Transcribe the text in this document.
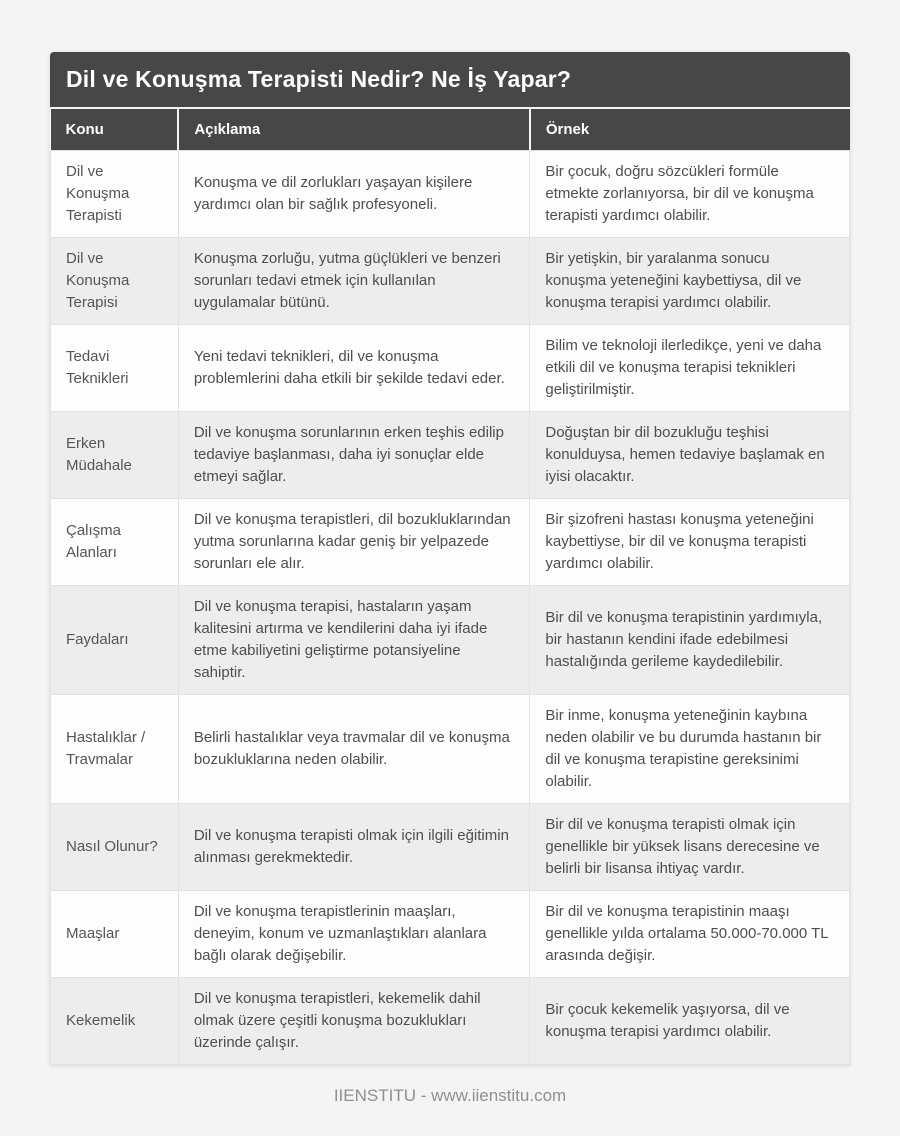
Dil ve Konuşma Terapisti Nedir? Ne İş Yapar?
Konu	Açıklama	Örnek
Dil ve Konuşma Terapisti	Konuşma ve dil zorlukları yaşayan kişilere yardımcı olan bir sağlık profesyoneli.	Bir çocuk, doğru sözcükleri formüle etmekte zorlanıyorsa, bir dil ve konuşma terapisti yardımcı olabilir.
Dil ve Konuşma Terapisi	Konuşma zorluğu, yutma güçlükleri ve benzeri sorunları tedavi etmek için kullanılan uygulamalar bütünü.	Bir yetişkin, bir yaralanma sonucu konuşma yeteneğini kaybettiysa, dil ve konuşma terapisi yardımcı olabilir.
Tedavi Teknikleri	Yeni tedavi teknikleri, dil ve konuşma problemlerini daha etkili bir şekilde tedavi eder.	Bilim ve teknoloji ilerledikçe, yeni ve daha etkili dil ve konuşma terapisi teknikleri geliştirilmiştir.
Erken Müdahale	Dil ve konuşma sorunlarının erken teşhis edilip tedaviye başlanması, daha iyi sonuçlar elde etmeyi sağlar.	Doğuştan bir dil bozukluğu teşhisi konulduysa, hemen tedaviye başlamak en iyisi olacaktır.
Çalışma Alanları	Dil ve konuşma terapistleri, dil bozukluklarından yutma sorunlarına kadar geniş bir yelpazede sorunları ele alır.	Bir şizofreni hastası konuşma yeteneğini kaybettiyse, bir dil ve konuşma terapisti yardımcı olabilir.
Faydaları	Dil ve konuşma terapisi, hastaların yaşam kalitesini artırma ve kendilerini daha iyi ifade etme kabiliyetini geliştirme potansiyeline sahiptir.	Bir dil ve konuşma terapistinin yardımıyla, bir hastanın kendini ifade edebilmesi hastalığında gerileme kaydedilebilir.
Hastalıklar / Travmalar	Belirli hastalıklar veya travmalar dil ve konuşma bozukluklarına neden olabilir.	Bir inme, konuşma yeteneğinin kaybına neden olabilir ve bu durumda hastanın bir dil ve konuşma terapistine gereksinimi olabilir.
Nasıl Olunur?	Dil ve konuşma terapisti olmak için ilgili eğitimin alınması gerekmektedir.	Bir dil ve konuşma terapisti olmak için genellikle bir yüksek lisans derecesine ve belirli bir lisansa ihtiyaç vardır.
Maaşlar	Dil ve konuşma terapistlerinin maaşları, deneyim, konum ve uzmanlaştıkları alanlara bağlı olarak değişebilir.	Bir dil ve konuşma terapistinin maaşı genellikle yılda ortalama 50.000-70.000 TL arasında değişir.
Kekemelik	Dil ve konuşma terapistleri, kekemelik dahil olmak üzere çeşitli konuşma bozuklukları üzerinde çalışır.	Bir çocuk kekemelik yaşıyorsa, dil ve konuşma terapisi yardımcı olabilir.
IIENSTITU - www.iienstitu.com
